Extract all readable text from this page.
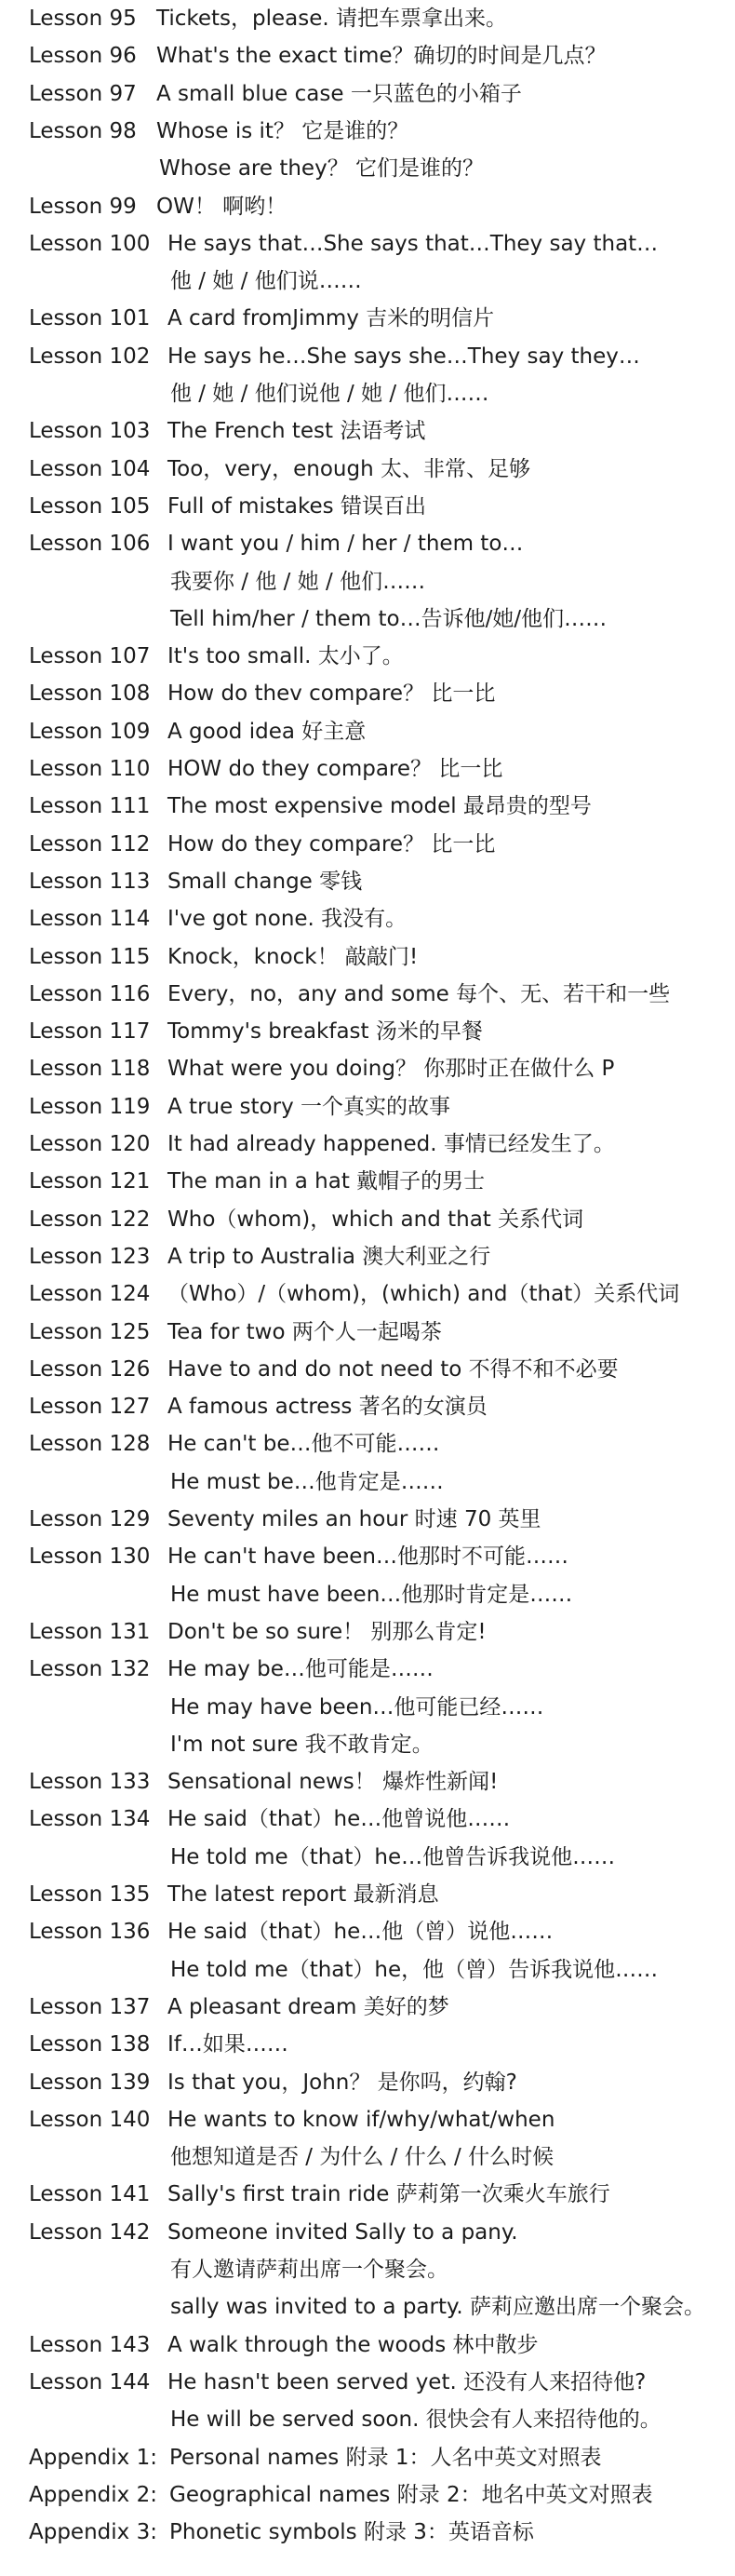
Lesson 95 Tickets，please. 请把车票拿出来。
Lesson 96 What's the exact time？确切的时间是几点？
Lesson 97 A small blue case 一只蓝色的小箱子
Lesson 98 Whose is it？ 它是谁的？
Whose are they？ 它们是谁的？
Lesson 99 OW！ 啊哟！
Lesson 100 He says that…She says that…They say that…
他 / 她 / 他们说……
Lesson 101 A card fromJimmy 吉米的明信片
Lesson 102 He says he…She says she…They say they…
他 / 她 / 他们说他 / 她 / 他们……
Lesson 103 The French test 法语考试
Lesson 104 Too，very，enough 太、非常、足够
Lesson 105 Full of mistakes 错误百出
Lesson 106 I want you / him / her / them to…
我要你 / 他 / 她 / 他们……
Tell him/her / them to…告诉他/她/他们……
Lesson 107 It's too small. 太小了。
Lesson 108 How do thev compare？ 比一比
Lesson 109 A good idea 好主意
Lesson 110 HOW do they compare？ 比一比
Lesson 111 The most expensive model 最昂贵的型号
Lesson 112 How do they compare？ 比一比
Lesson 113 Small change 零钱
Lesson 114 I've got none. 我没有。
Lesson 115 Knock，knock！ 敲敲门!
Lesson 116 Every，no，any and some 每个、无、若干和一些
Lesson 117 Tommy's breakfast 汤米的早餐
Lesson 118 What were you doing？ 你那时正在做什么 P
Lesson 119 A true story 一个真实的故事
Lesson 120 It had already happened. 事情已经发生了。
Lesson 121 The man in a hat 戴帽子的男士
Lesson 122 Who（whom)，which and that 关系代词
Lesson 123 A trip to Australia 澳大利亚之行
Lesson 124 （Who）/（whom)，(which) and（that）关系代词
Lesson 125 Tea for two 两个人一起喝茶
Lesson 126 Have to and do not need to 不得不和不必要
Lesson 127 A famous actress 著名的女演员
Lesson 128 He can't be…他不可能……
He must be…他肯定是……
Lesson 129 Seventy miles an hour 时速 70 英里
Lesson 130 He can't have been…他那时不可能……
He must have been…他那时肯定是……
Lesson 131 Don't be so sure！ 别那么肯定!
Lesson 132 He may be…他可能是……
He may have been…他可能已经……
I'm not sure 我不敢肯定。
Lesson 133 Sensational news！ 爆炸性新闻!
Lesson 134 He said（that）he…他曾说他……
He told me（that）he…他曾告诉我说他……
Lesson 135 The latest report 最新消息
Lesson 136 He said（that）he…他（曾）说他……
He told me（that）he，他（曾）告诉我说他……
Lesson 137 A pleasant dream 美好的梦
Lesson 138 If…如果……
Lesson 139 Is that you，John？ 是你吗，约翰?
Lesson 140 He wants to know if/why/what/when
他想知道是否 / 为什么 / 什么 / 什么时候
Lesson 141 Sally's first train ride 萨莉第一次乘火车旅行
Lesson 142 Someone invited Sally to a pany.
有人邀请萨莉出席一个聚会。
sally was invited to a party. 萨莉应邀出席一个聚会。
Lesson 143 A walk through the woods 林中散步
Lesson 144 He hasn't been served yet. 还没有人来招待他?
He will be served soon. 很快会有人来招待他的。
Appendix 1: Personal names 附录 1：人名中英文对照表
Appendix 2: Geographical names 附录 2：地名中英文对照表
Appendix 3: Phonetic symbols 附录 3：英语音标
